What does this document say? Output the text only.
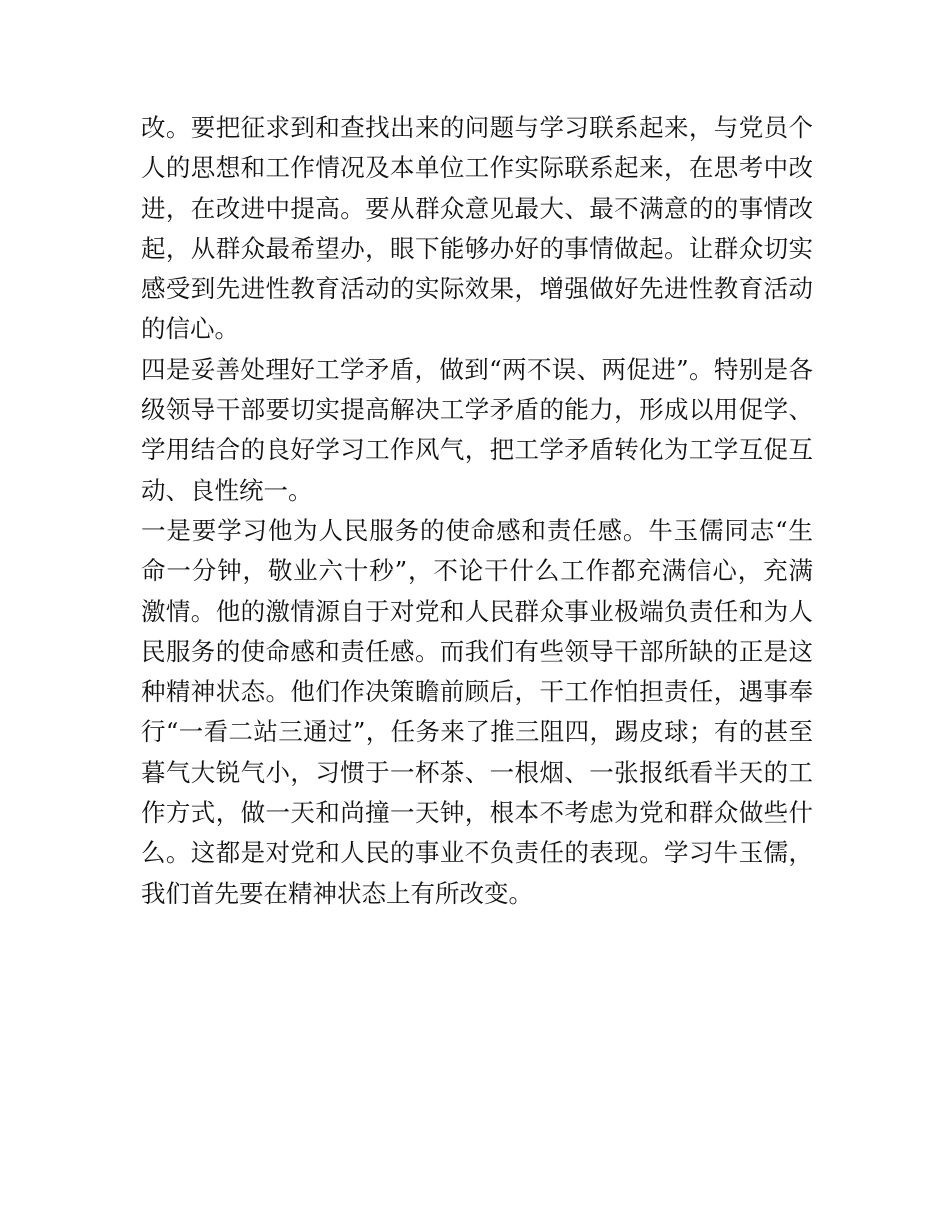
改。要把征求到和查找出来的问题与学习联系起来，与党员个
人的思想和工作情况及本单位工作实际联系起来，在思考中改
进，在改进中提高。要从群众意见最大、最不满意的的事情改
起，从群众最希望办，眼下能够办好的事情做起。让群众切实
感受到先进性教育活动的实际效果，增强做好先进性教育活动
的信心。
四是妥善处理好工学矛盾，做到“两不误、两促进”。特别是各
级领导干部要切实提高解决工学矛盾的能力，形成以用促学、
学用结合的良好学习工作风气，把工学矛盾转化为工学互促互
动、良性统一。
一是要学习他为人民服务的使命感和责任感。牛玉儒同志“生
命一分钟，敬业六十秒”，不论干什么工作都充满信心，充满
激情。他的激情源自于对党和人民群众事业极端负责任和为人
民服务的使命感和责任感。而我们有些领导干部所缺的正是这
种精神状态。他们作决策瞻前顾后，干工作怕担责任，遇事奉
行“一看二站三通过”，任务来了推三阻四，踢皮球；有的甚至
暮气大锐气小，习惯于一杯茶、一根烟、一张报纸看半天的工
作方式，做一天和尚撞一天钟，根本不考虑为党和群众做些什
么。这都是对党和人民的事业不负责任的表现。学习牛玉儒，
我们首先要在精神状态上有所改变。
